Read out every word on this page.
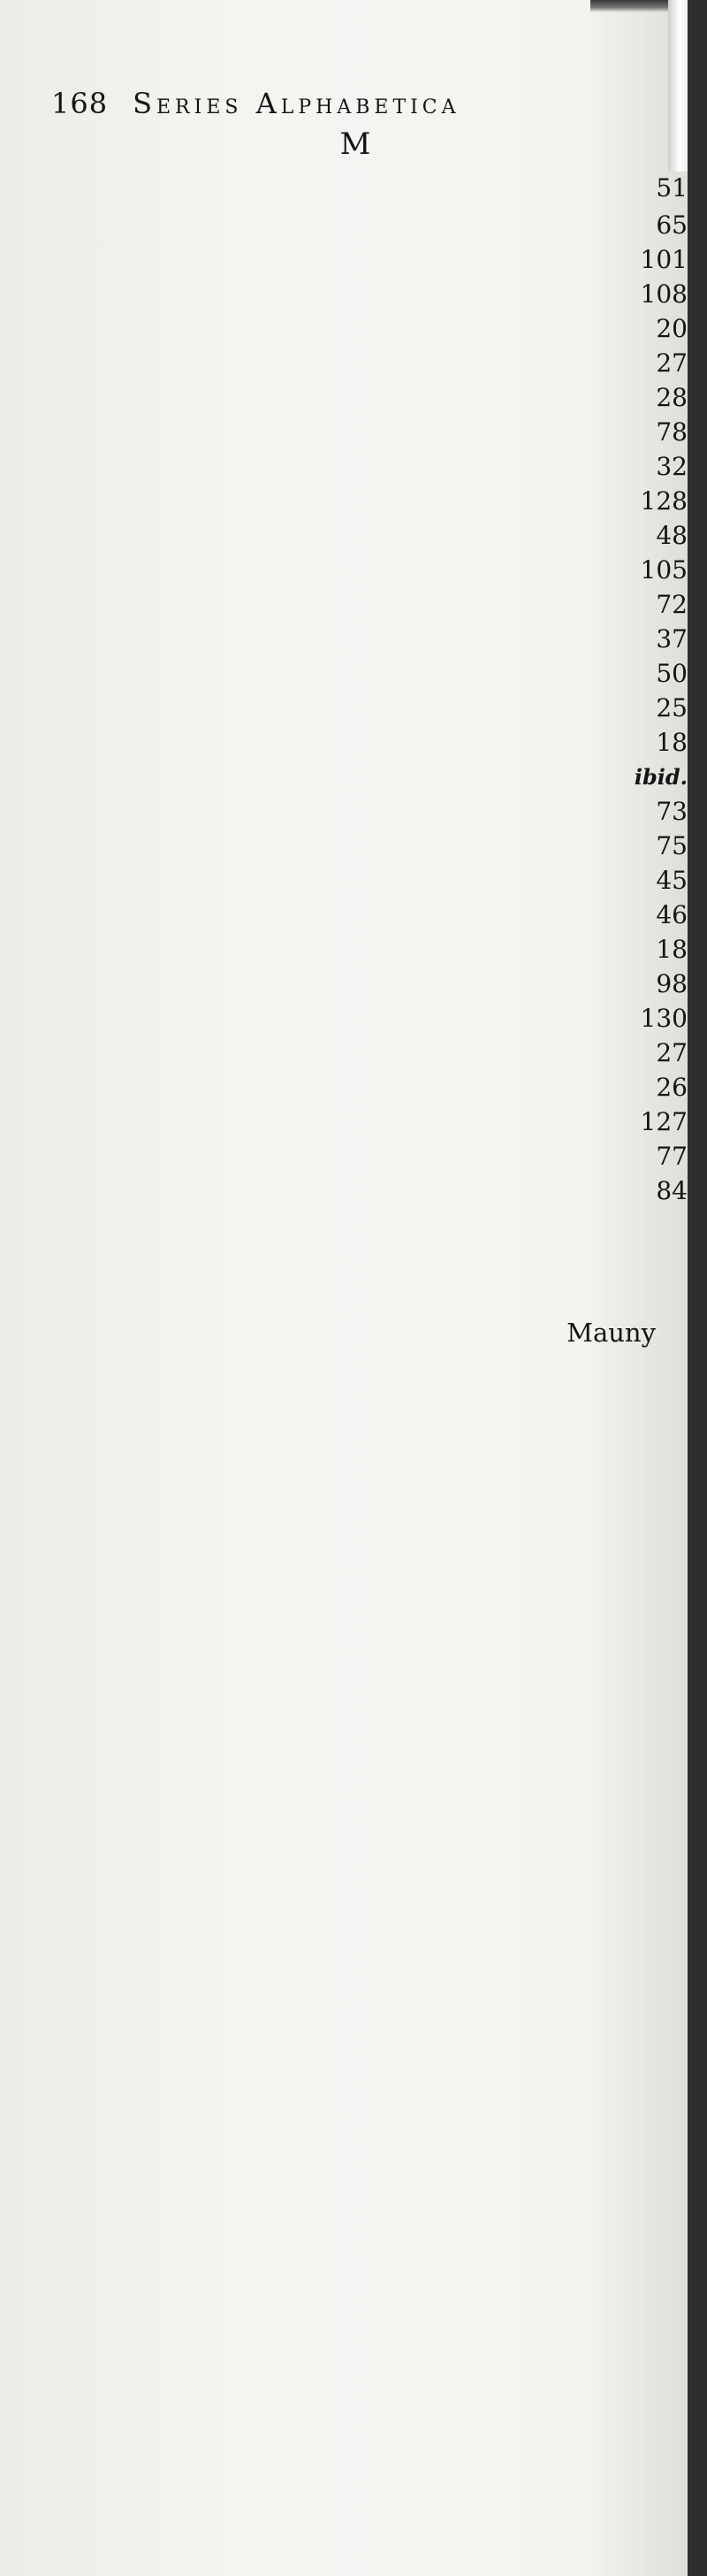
168 Series Alphabetica
M
51
65
101
108
20
27
28
78
32
128
48
105
72
37
50
25
18
ibid.
73
75
45
46
18
98
130
27
26
127
77
84
Mauny
